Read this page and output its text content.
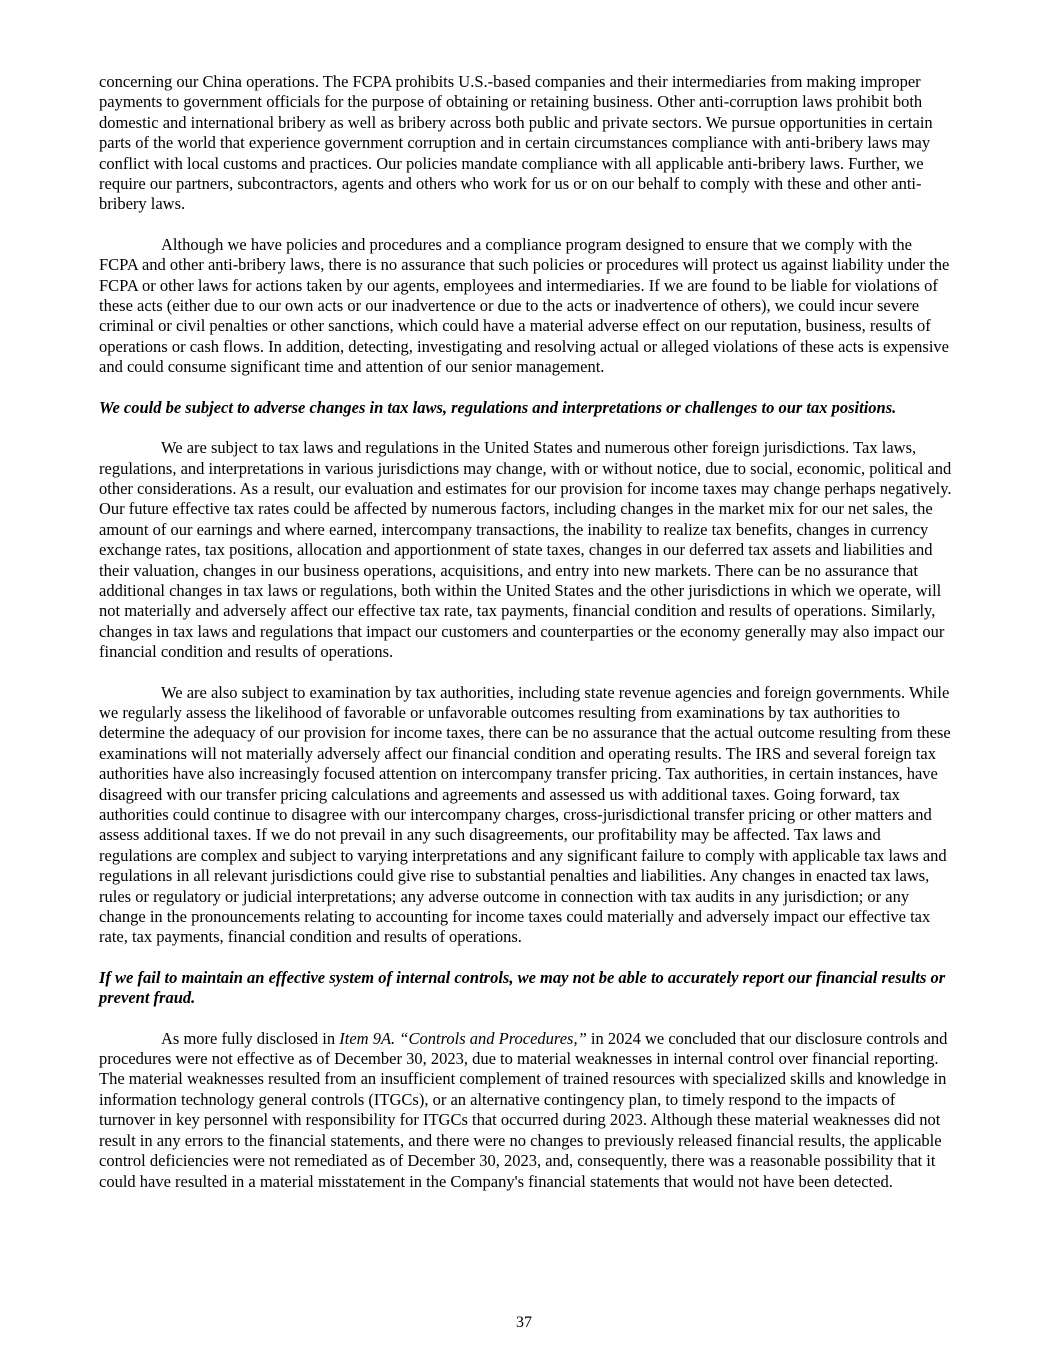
concerning our China operations. The FCPA prohibits U.S.-based companies and their intermediaries from making improper payments to government officials for the purpose of obtaining or retaining business. Other anti-corruption laws prohibit both domestic and international bribery as well as bribery across both public and private sectors. We pursue opportunities in certain parts of the world that experience government corruption and in certain circumstances compliance with anti-bribery laws may conflict with local customs and practices. Our policies mandate compliance with all applicable anti-bribery laws. Further, we require our partners, subcontractors, agents and others who work for us or on our behalf to comply with these and other anti-bribery laws.

Although we have policies and procedures and a compliance program designed to ensure that we comply with the FCPA and other anti-bribery laws, there is no assurance that such policies or procedures will protect us against liability under the FCPA or other laws for actions taken by our agents, employees and intermediaries. If we are found to be liable for violations of these acts (either due to our own acts or our inadvertence or due to the acts or inadvertence of others), we could incur severe criminal or civil penalties or other sanctions, which could have a material adverse effect on our reputation, business, results of operations or cash flows. In addition, detecting, investigating and resolving actual or alleged violations of these acts is expensive and could consume significant time and attention of our senior management.

We could be subject to adverse changes in tax laws, regulations and interpretations or challenges to our tax positions.

We are subject to tax laws and regulations in the United States and numerous other foreign jurisdictions. Tax laws, regulations, and interpretations in various jurisdictions may change, with or without notice, due to social, economic, political and other considerations. As a result, our evaluation and estimates for our provision for income taxes may change perhaps negatively. Our future effective tax rates could be affected by numerous factors, including changes in the market mix for our net sales, the amount of our earnings and where earned, intercompany transactions, the inability to realize tax benefits, changes in currency exchange rates, tax positions, allocation and apportionment of state taxes, changes in our deferred tax assets and liabilities and their valuation, changes in our business operations, acquisitions, and entry into new markets. There can be no assurance that additional changes in tax laws or regulations, both within the United States and the other jurisdictions in which we operate, will not materially and adversely affect our effective tax rate, tax payments, financial condition and results of operations. Similarly, changes in tax laws and regulations that impact our customers and counterparties or the economy generally may also impact our financial condition and results of operations.

We are also subject to examination by tax authorities, including state revenue agencies and foreign governments. While we regularly assess the likelihood of favorable or unfavorable outcomes resulting from examinations by tax authorities to determine the adequacy of our provision for income taxes, there can be no assurance that the actual outcome resulting from these examinations will not materially adversely affect our financial condition and operating results. The IRS and several foreign tax authorities have also increasingly focused attention on intercompany transfer pricing. Tax authorities, in certain instances, have disagreed with our transfer pricing calculations and agreements and assessed us with additional taxes. Going forward, tax authorities could continue to disagree with our intercompany charges, cross-jurisdictional transfer pricing or other matters and assess additional taxes. If we do not prevail in any such disagreements, our profitability may be affected. Tax laws and regulations are complex and subject to varying interpretations and any significant failure to comply with applicable tax laws and regulations in all relevant jurisdictions could give rise to substantial penalties and liabilities. Any changes in enacted tax laws, rules or regulatory or judicial interpretations; any adverse outcome in connection with tax audits in any jurisdiction; or any change in the pronouncements relating to accounting for income taxes could materially and adversely impact our effective tax rate, tax payments, financial condition and results of operations.

If we fail to maintain an effective system of internal controls, we may not be able to accurately report our financial results or prevent fraud.

As more fully disclosed in Item 9A. “Controls and Procedures,” in 2024 we concluded that our disclosure controls and procedures were not effective as of December 30, 2023, due to material weaknesses in internal control over financial reporting. The material weaknesses resulted from an insufficient complement of trained resources with specialized skills and knowledge in information technology general controls (ITGCs), or an alternative contingency plan, to timely respond to the impacts of turnover in key personnel with responsibility for ITGCs that occurred during 2023. Although these material weaknesses did not result in any errors to the financial statements, and there were no changes to previously released financial results, the applicable control deficiencies were not remediated as of December 30, 2023, and, consequently, there was a reasonable possibility that it could have resulted in a material misstatement in the Company's financial statements that would not have been detected.

37
